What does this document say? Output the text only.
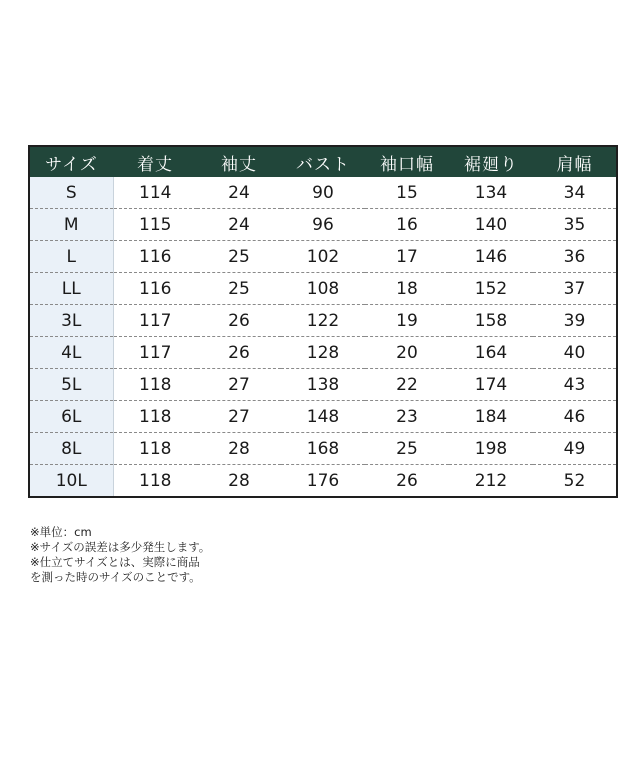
サイズ	着丈	袖丈	バスト	袖口幅	裾廻り	肩幅
S	114	24	90	15	134	34
M	115	24	96	16	140	35
L	116	25	102	17	146	36
LL	116	25	108	18	152	37
3L	117	26	122	19	158	39
4L	117	26	128	20	164	40
5L	118	27	138	22	174	43
6L	118	27	148	23	184	46
8L	118	28	168	25	198	49
10L	118	28	176	26	212	52
※単位：cm
※サイズの誤差は多少発生します。
※仕立てサイズとは、実際に商品
を測った時のサイズのことです。
